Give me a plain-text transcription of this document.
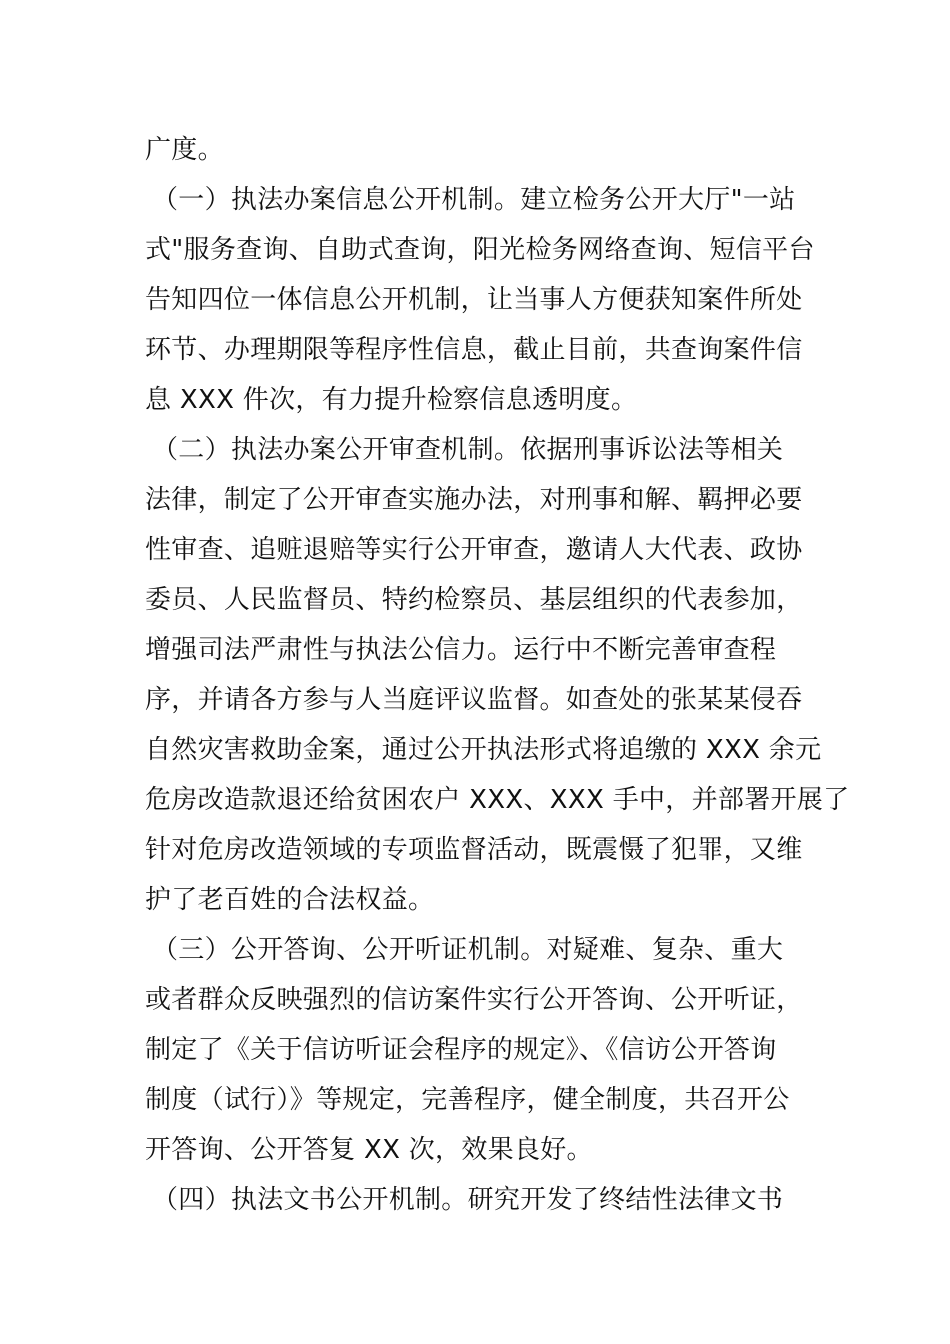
广度。
（一）执法办案信息公开机制。建立检务公开大厅"一站
式"服务查询、自助式查询，阳光检务网络查询、短信平台
告知四位一体信息公开机制，让当事人方便获知案件所处
环节、办理期限等程序性信息，截止目前，共查询案件信
息 XXX 件次，有力提升检察信息透明度。
（二）执法办案公开审查机制。依据刑事诉讼法等相关
法律，制定了公开审查实施办法，对刑事和解、羁押必要
性审查、追赃退赔等实行公开审查，邀请人大代表、政协
委员、人民监督员、特约检察员、基层组织的代表参加，
增强司法严肃性与执法公信力。运行中不断完善审查程
序，并请各方参与人当庭评议监督。如查处的张某某侵吞
自然灾害救助金案，通过公开执法形式将追缴的 XXX 余元
危房改造款退还给贫困农户 XXX、XXX 手中，并部署开展了
针对危房改造领域的专项监督活动，既震慑了犯罪，又维
护了老百姓的合法权益。
（三）公开答询、公开听证机制。对疑难、复杂、重大
或者群众反映强烈的信访案件实行公开答询、公开听证，
制定了《关于信访听证会程序的规定》、《信访公开答询
制度（试行）》等规定，完善程序，健全制度，共召开公
开答询、公开答复 XX 次，效果良好。
（四）执法文书公开机制。研究开发了终结性法律文书
